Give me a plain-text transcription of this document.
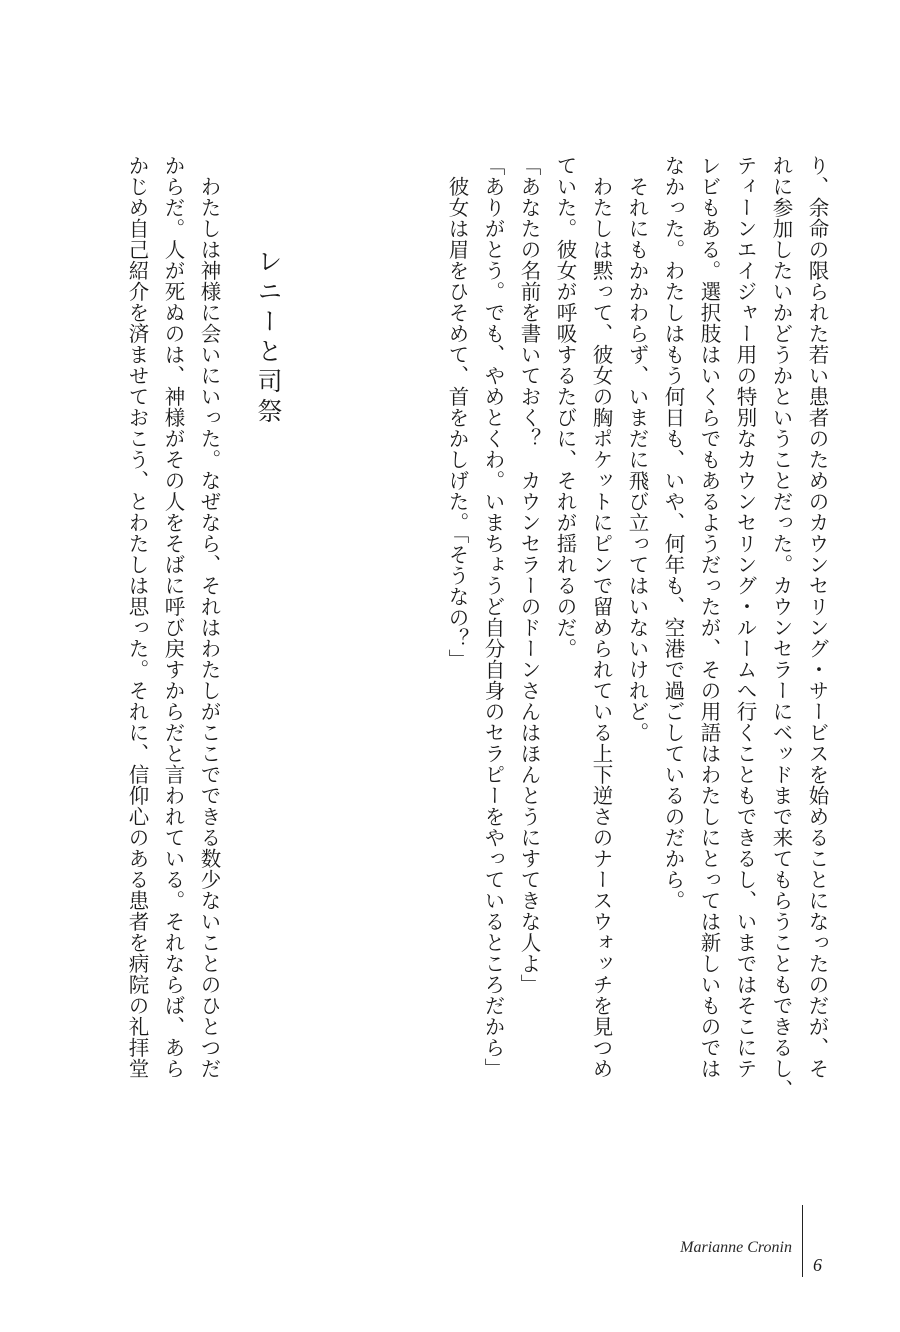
り、余命の限られた若い患者のためのカウンセリング・サービスを始めることになったのだが、そ
れに参加したいかどうかということだった。カウンセラーにベッドまで来てもらうこともできるし、
ティーンエイジャー用の特別なカウンセリング・ルームへ行くこともできるし、いまではそこにテ
レビもある。選択肢はいくらでもあるようだったが、その用語はわたしにとっては新しいものでは
なかった。わたしはもう何日も、いや、何年も、空港で過ごしているのだから。
　それにもかかわらず、いまだに飛び立ってはいないけれど。
　わたしは黙って、彼女の胸ポケットにピンで留められている上下逆さのナースウォッチを見つめ
ていた。彼女が呼吸するたびに、それが揺れるのだ。
「あなたの名前を書いておく？　カウンセラーのドーンさんはほんとうにすてきな人よ」
「ありがとう。でも、やめとくわ。いまちょうど自分自身のセラピーをやっているところだから」
　彼女は眉をひそめて、首をかしげた。「そうなの？」
レニーと司祭
　わたしは神様に会いにいった。なぜなら、それはわたしがここでできる数少ないことのひとつだ
からだ。人が死ぬのは、神様がその人をそばに呼び戻すからだと言われている。それならば、あら
かじめ自己紹介を済ませておこう、とわたしは思った。それに、信仰心のある患者を病院の礼拝堂
Marianne Cronin
6
